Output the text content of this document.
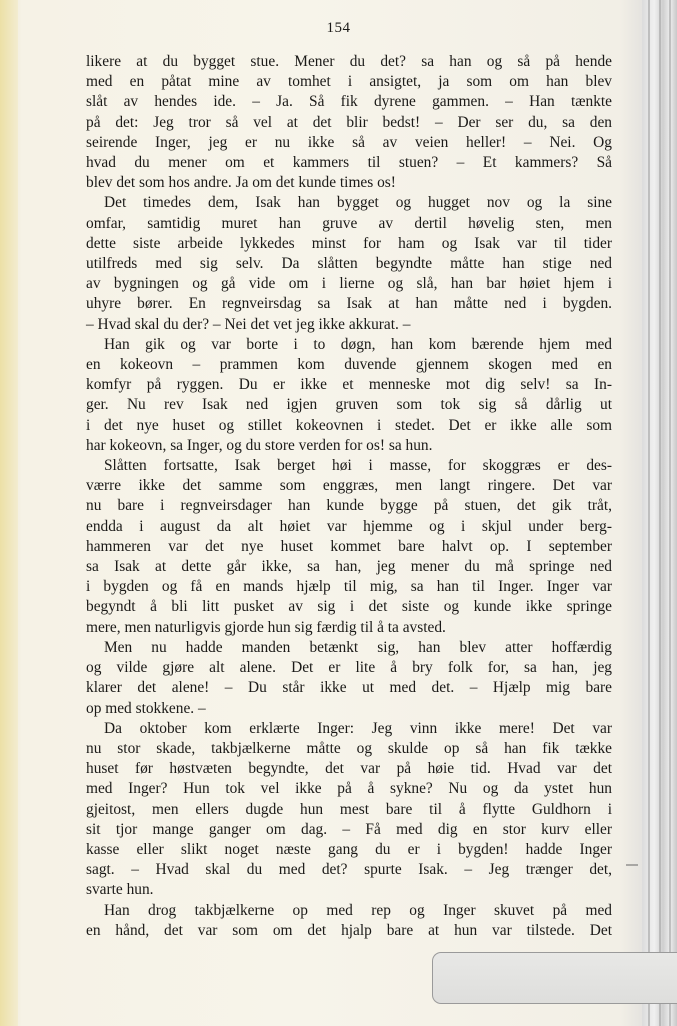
154
likere at du bygget stue. Mener du det? sa han og så på hende
med en påtat mine av tomhet i ansigtet, ja som om han blev
slåt av hendes ide. – Ja. Så fik dyrene gammen. – Han tænkte
på det: Jeg tror så vel at det blir bedst! – Der ser du, sa den
seirende Inger, jeg er nu ikke så av veien heller! – Nei. Og
hvad du mener om et kammers til stuen? – Et kammers? Så
blev det som hos andre. Ja om det kunde times os!
Det timedes dem, Isak han bygget og hugget nov og la sine
omfar, samtidig muret han gruve av dertil høvelig sten, men
dette siste arbeide lykkedes minst for ham og Isak var til tider
utilfreds med sig selv. Da slåtten begyndte måtte han stige ned
av bygningen og gå vide om i lierne og slå, han bar høiet hjem i
uhyre bører. En regnveirsdag sa Isak at han måtte ned i bygden.
– Hvad skal du der? – Nei det vet jeg ikke akkurat. –
Han gik og var borte i to døgn, han kom bærende hjem med
en kokeovn – prammen kom duvende gjennem skogen med en
komfyr på ryggen. Du er ikke et menneske mot dig selv! sa In-
ger. Nu rev Isak ned igjen gruven som tok sig så dårlig ut
i det nye huset og stillet kokeovnen i stedet. Det er ikke alle som
har kokeovn, sa Inger, og du store verden for os! sa hun.
Slåtten fortsatte, Isak berget høi i masse, for skoggræs er des-
værre ikke det samme som enggræs, men langt ringere. Det var
nu bare i regnveirsdager han kunde bygge på stuen, det gik tråt,
endda i august da alt høiet var hjemme og i skjul under berg-
hammeren var det nye huset kommet bare halvt op. I september
sa Isak at dette går ikke, sa han, jeg mener du må springe ned
i bygden og få en mands hjælp til mig, sa han til Inger. Inger var
begyndt å bli litt pusket av sig i det siste og kunde ikke springe
mere, men naturligvis gjorde hun sig færdig til å ta avsted.
Men nu hadde manden betænkt sig, han blev atter hoffærdig
og vilde gjøre alt alene. Det er lite å bry folk for, sa han, jeg
klarer det alene! – Du står ikke ut med det. – Hjælp mig bare
op med stokkene. –
Da oktober kom erklærte Inger: Jeg vinn ikke mere! Det var
nu stor skade, takbjælkerne måtte og skulde op så han fik tække
huset før høstvæten begyndte, det var på høie tid. Hvad var det
med Inger? Hun tok vel ikke på å sykne? Nu og da ystet hun
gjeitost, men ellers dugde hun mest bare til å flytte Guldhorn i
sit tjor mange ganger om dag. – Få med dig en stor kurv eller
kasse eller slikt noget næste gang du er i bygden! hadde Inger
sagt. – Hvad skal du med det? spurte Isak. – Jeg trænger det,
svarte hun.
Han drog takbjælkerne op med rep og Inger skuvet på med
en hånd, det var som om det hjalp bare at hun var tilstede. Det
